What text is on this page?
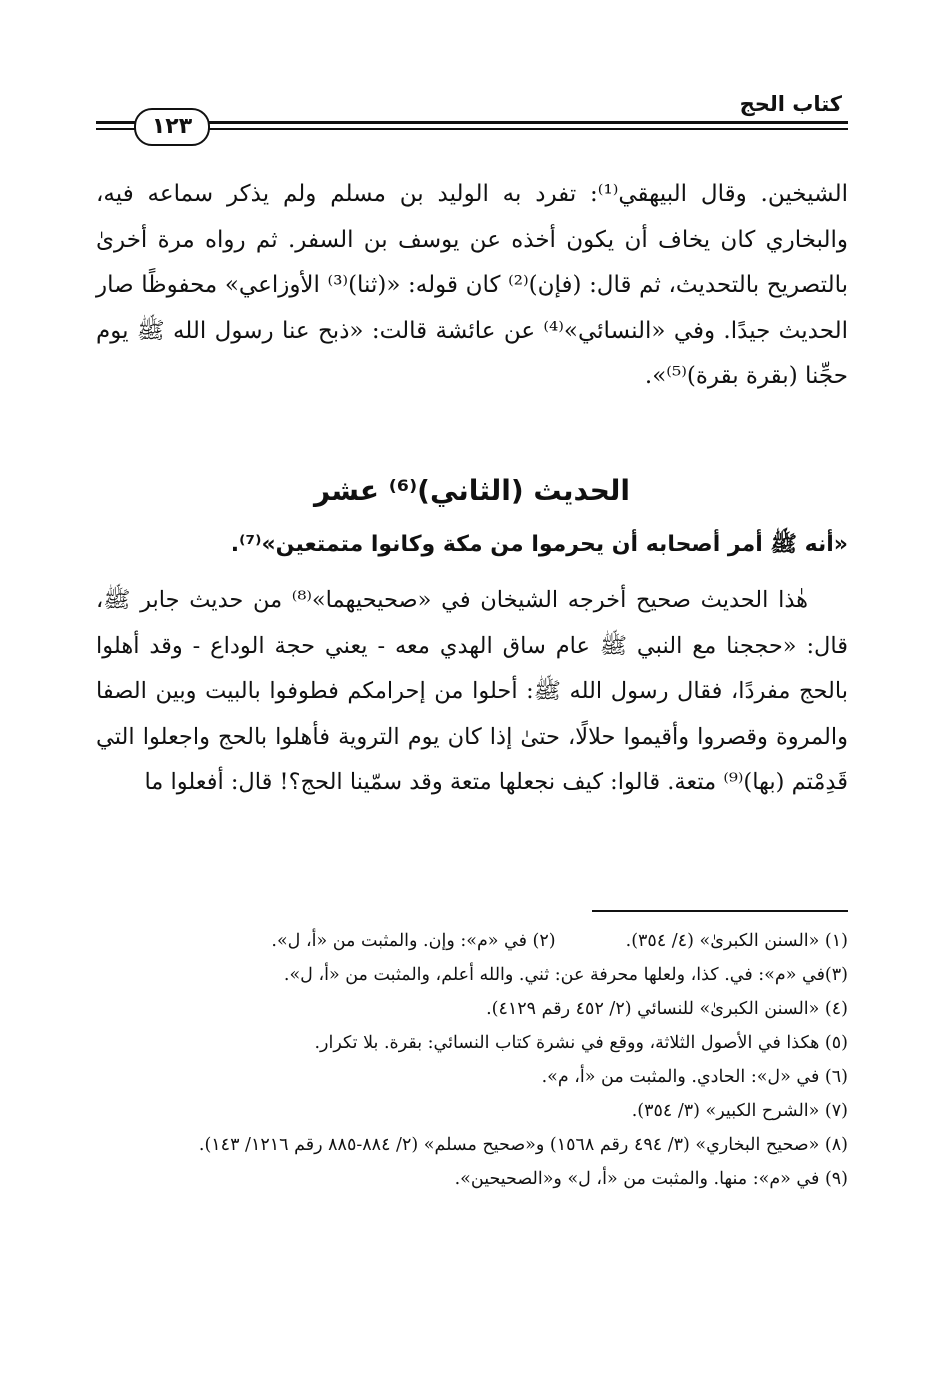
كتاب الحج
١٢٣

الشيخين. وقال البيهقي⁽¹⁾: تفرد به الوليد بن مسلم ولم يذكر سماعه فيه، والبخاري كان يخاف أن يكون أخذه عن يوسف بن السفر. ثم رواه مرة أخرىٰ بالتصريح بالتحديث، ثم قال: (فإن)⁽²⁾ كان قوله: «(ثنا)⁽³⁾ الأوزاعي» محفوظًا صار الحديث جيدًا. وفي «النسائي»⁽⁴⁾ عن عائشة قالت: «ذبح عنا رسول الله ﷺ يوم حجِّنا (بقرة بقرة)⁽⁵⁾».

الحديث (الثاني)⁽⁶⁾ عشر
«أنه ﷺ أمر أصحابه أن يحرموا من مكة وكانوا متمتعين»⁽⁷⁾.

هٰذا الحديث صحيح أخرجه الشيخان في «صحيحيهما»⁽⁸⁾ من حديث جابر ﷺ، قال: «حججنا مع النبي ﷺ عام ساق الهدي معه - يعني حجة الوداع - وقد أهلوا بالحج مفردًا، فقال رسول الله ﷺ: أحلوا من إحرامكم فطوفوا بالبيت وبين الصفا والمروة وقصروا وأقيموا حلالًا، حتىٰ إذا كان يوم التروية فأهلوا بالحج واجعلوا التي قَدِمْتم (بها)⁽⁹⁾ متعة. قالوا: كيف نجعلها متعة وقد سمّينا الحج؟! قال: أفعلوا ما

(١) «السنن الكبرىٰ» (٤/ ٣٥٤).
(٢) في «م»: وإن. والمثبت من «أ، ل».
(٣)في «م»: في. كذا، ولعلها محرفة عن: ثني. والله أعلم، والمثبت من «أ، ل».
(٤) «السنن الكبرىٰ» للنسائي (٢/ ٤٥٢ رقم ٤١٢٩).
(٥) هكذا في الأصول الثلاثة، ووقع في نشرة كتاب النسائي: بقرة. بلا تكرار.
(٦) في «ل»: الحادي. والمثبت من «أ، م».
(٧) «الشرح الكبير» (٣/ ٣٥٤).
(٨) «صحيح البخاري» (٣/ ٤٩٤ رقم ١٥٦٨) و«صحيح مسلم» (٢/ ٨٨٤-٨٨٥ رقم ١٢١٦/ ١٤٣).
(٩) في «م»: منها. والمثبت من «أ، ل» و«الصحيحين».
